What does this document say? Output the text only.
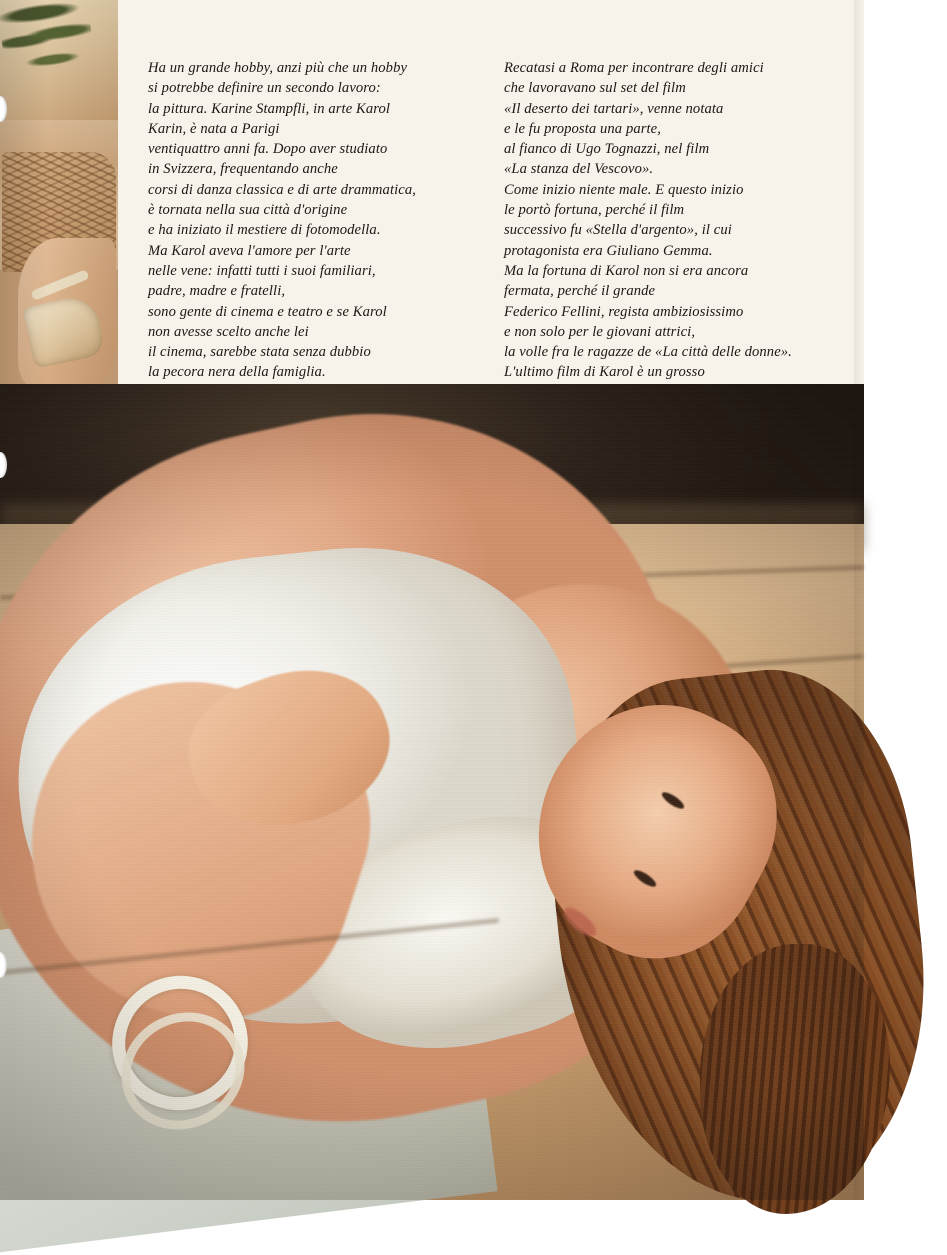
Ha un grande hobby, anzi più che un hobby
si potrebbe definire un secondo lavoro:
la pittura. Karine Stampfli, in arte Karol
Karin, è nata a Parigi
ventiquattro anni fa. Dopo aver studiato
in Svizzera, frequentando anche
corsi di danza classica e di arte drammatica,
è tornata nella sua città d'origine
e ha iniziato il mestiere di fotomodella.
Ma Karol aveva l'amore per l'arte
nelle vene: infatti tutti i suoi familiari,
padre, madre e fratelli,
sono gente di cinema e teatro e se Karol
non avesse scelto anche lei
il cinema, sarebbe stata senza dubbio
la pecora nera della famiglia.

Recatasi a Roma per incontrare degli amici
che lavoravano sul set del film
«Il deserto dei tartari», venne notata
e le fu proposta una parte,
al fianco di Ugo Tognazzi, nel film
«La stanza del Vescovo».
Come inizio niente male. E questo inizio
le portò fortuna, perché il film
successivo fu «Stella d'argento», il cui
protagonista era Giuliano Gemma.
Ma la fortuna di Karol non si era ancora
fermata, perché il grande
Federico Fellini, regista ambiziosissimo
e non solo per le giovani attrici,
la volle fra le ragazze de «La città delle donne».
L'ultimo film di Karol è un grosso
